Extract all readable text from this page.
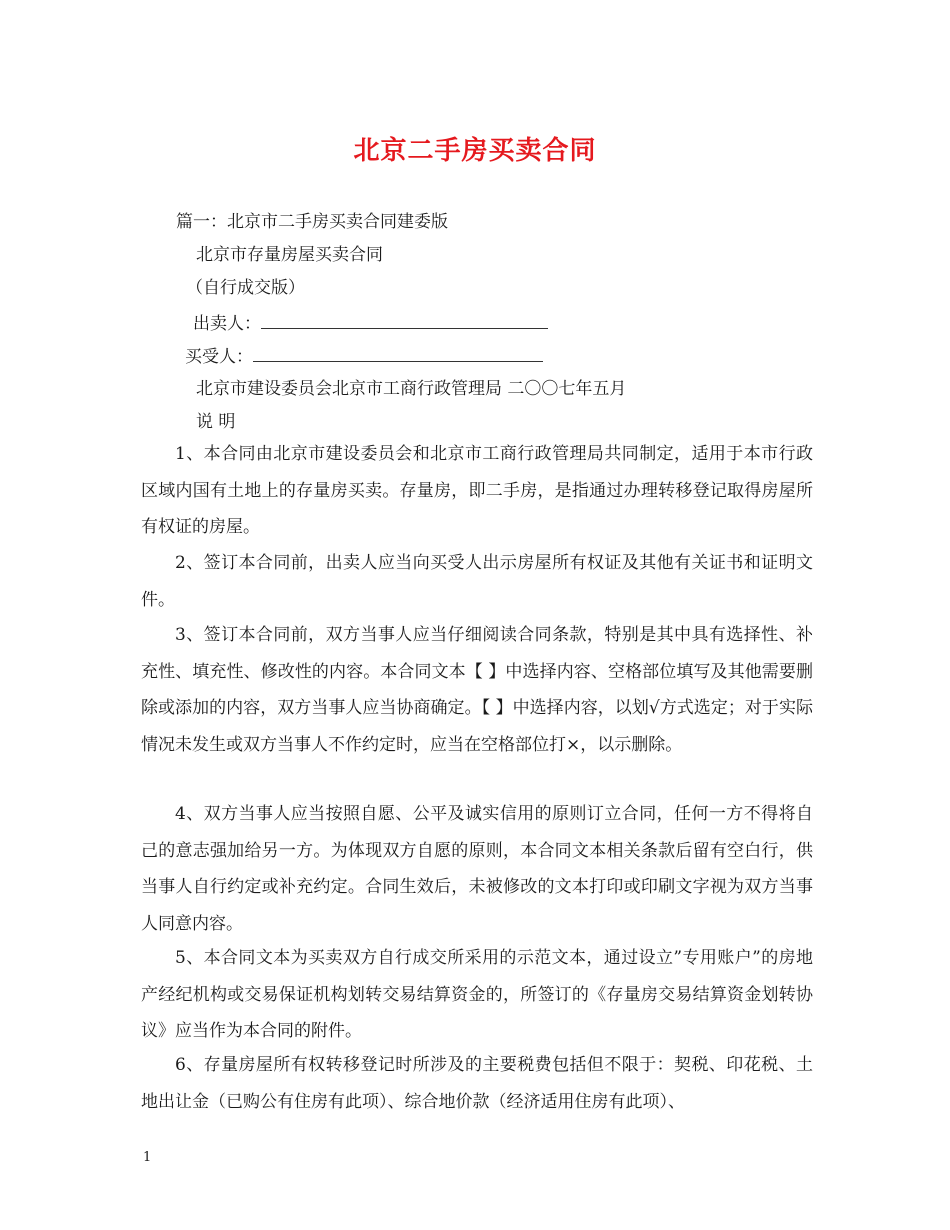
北京二手房买卖合同
篇一：北京市二手房买卖合同建委版
北京市存量房屋买卖合同
（自行成交版）
出卖人：
买受人：
北京市建设委员会北京市工商行政管理局 二〇〇七年五月
说 明
1、本合同由北京市建设委员会和北京市工商行政管理局共同制定，适用于本市行政区域内国有土地上的存量房买卖。存量房，即二手房，是指通过办理转移登记取得房屋所有权证的房屋。
2、签订本合同前，出卖人应当向买受人出示房屋所有权证及其他有关证书和证明文件。
3、签订本合同前，双方当事人应当仔细阅读合同条款，特别是其中具有选择性、补充性、填充性、修改性的内容。本合同文本【 】中选择内容、空格部位填写及其他需要删除或添加的内容，双方当事人应当协商确定。【 】中选择内容，以划√方式选定；对于实际情况未发生或双方当事人不作约定时，应当在空格部位打×，以示删除。
4、双方当事人应当按照自愿、公平及诚实信用的原则订立合同，任何一方不得将自己的意志强加给另一方。为体现双方自愿的原则，本合同文本相关条款后留有空白行，供当事人自行约定或补充约定。合同生效后，未被修改的文本打印或印刷文字视为双方当事人同意内容。
5、本合同文本为买卖双方自行成交所采用的示范文本，通过设立”专用账户”的房地产经纪机构或交易保证机构划转交易结算资金的，所签订的《存量房交易结算资金划转协议》应当作为本合同的附件。
6、存量房屋所有权转移登记时所涉及的主要税费包括但不限于：契税、印花税、土地出让金（已购公有住房有此项）、综合地价款（经济适用住房有此项）、
1
